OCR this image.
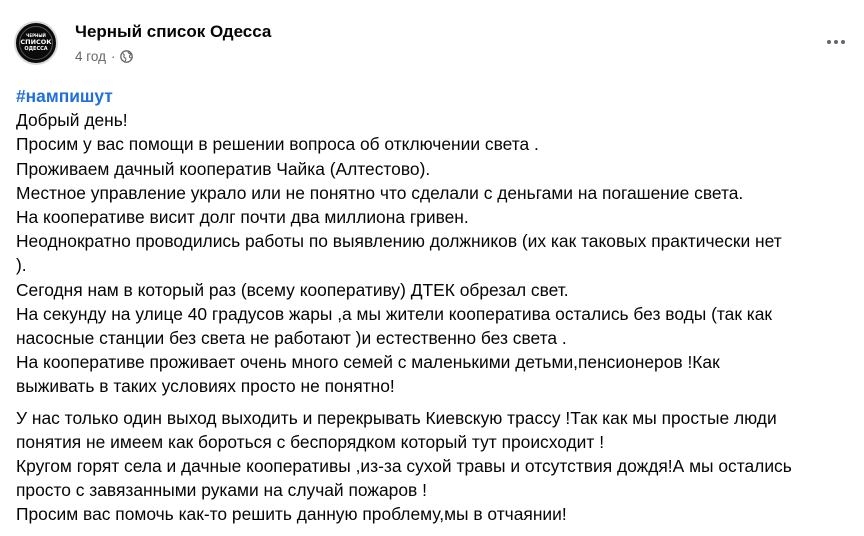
ЧЕРНЫЙ
СПИСОК
ОДЕССА
Черный список Одесса
4 год ·
#нампишут

Добрый день!
Просим у вас помощи в решении вопроса об отключении света .
Проживаем дачный кооператив Чайка (Алтестово).
Местное управление украло или не понятно что сделали с деньгами на погашение света.
На кооперативе висит долг почти два миллиона гривен.
Неоднократно проводились работы по выявлению должников (их как таковых практически нет
).
Сегодня нам в который раз (всему кооперативу) ДТЕК обрезал свет.
На секунду на улице 40 градусов жары ,а мы жители кооператива остались без воды (так как
насосные станции без света не работают )и естественно без света .
На кооперативе проживает очень много семей с маленькими детьми,пенсионеров !Как
выживать в таких условиях просто не понятно!

У нас только один выход выходить и перекрывать Киевскую трассу !Так как мы простые люди
понятия не имеем как бороться с беспорядком который тут происходит !
Кругом горят села и дачные кооперативы ,из-за сухой травы и отсутствия дождя!А мы остались
просто с завязанными руками на случай пожаров !
Просим вас помочь как-то решить данную проблему,мы в отчаянии!
